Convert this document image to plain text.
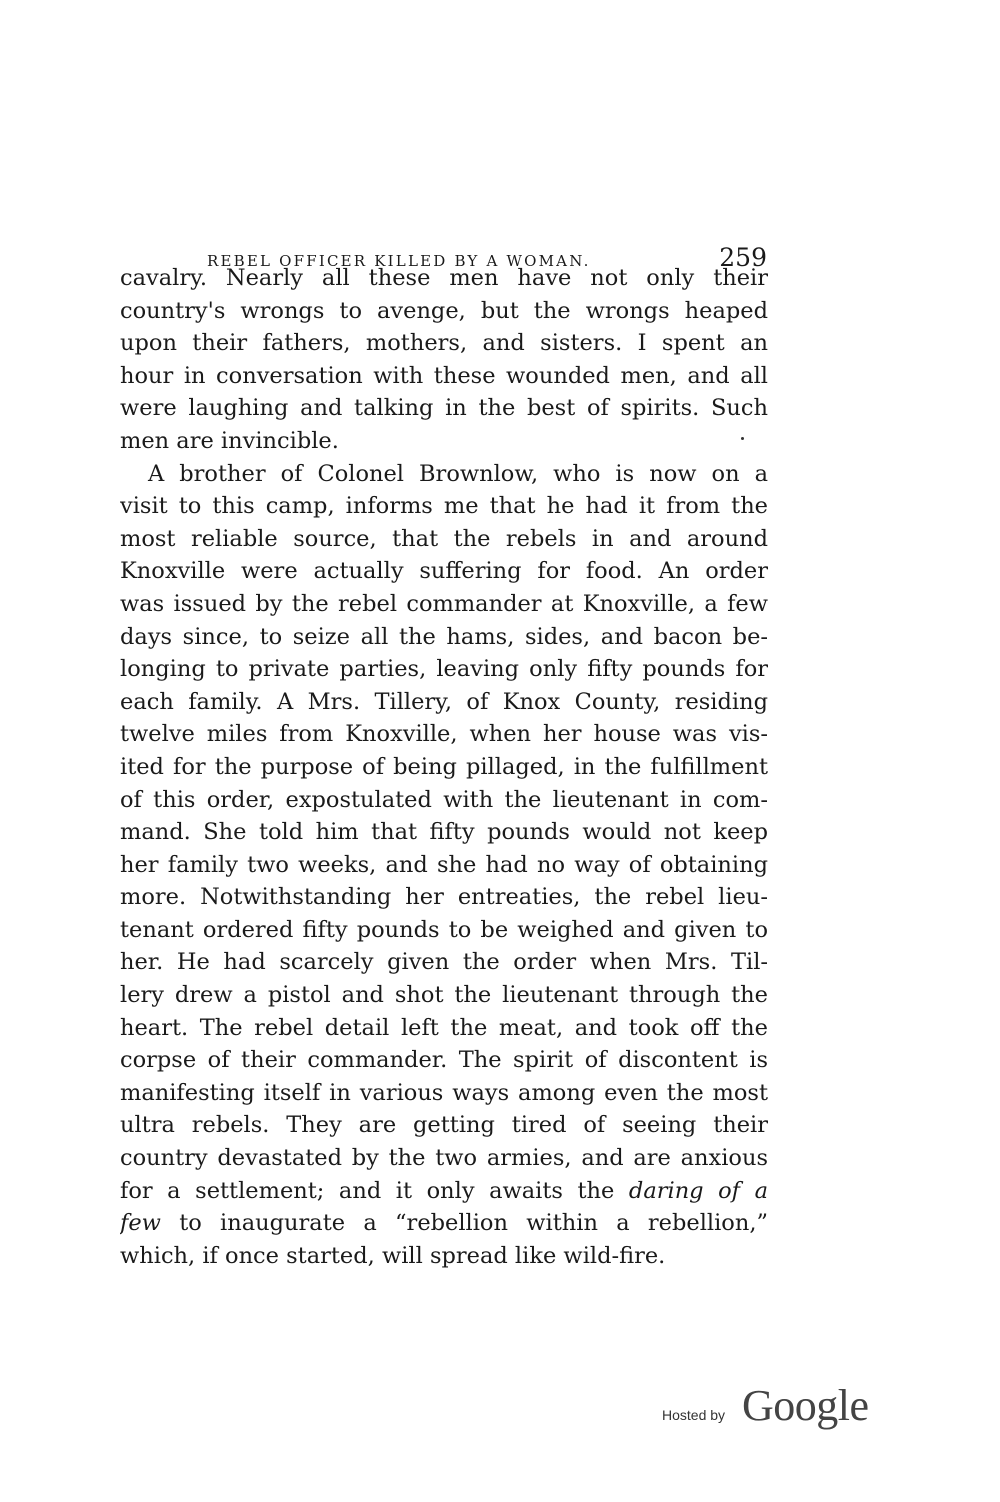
REBEL OFFICER KILLED BY A WOMAN.	259
cavalry. Nearly all these men have not only their
country's wrongs to avenge, but the wrongs heaped
upon their fathers, mothers, and sisters. I spent an
hour in conversation with these wounded men, and all
were laughing and talking in the best of spirits. Such
men are invincible.
A brother of Colonel Brownlow, who is now on a
visit to this camp, informs me that he had it from the
most reliable source, that the rebels in and around
Knoxville were actually suffering for food. An order
was issued by the rebel commander at Knoxville, a few
days since, to seize all the hams, sides, and bacon be-
longing to private parties, leaving only fifty pounds for
each family. A Mrs. Tillery, of Knox County, residing
twelve miles from Knoxville, when her house was vis-
ited for the purpose of being pillaged, in the fulfillment
of this order, expostulated with the lieutenant in com-
mand. She told him that fifty pounds would not keep
her family two weeks, and she had no way of obtaining
more. Notwithstanding her entreaties, the rebel lieu-
tenant ordered fifty pounds to be weighed and given to
her. He had scarcely given the order when Mrs. Til-
lery drew a pistol and shot the lieutenant through the
heart. The rebel detail left the meat, and took off the
corpse of their commander. The spirit of discontent is
manifesting itself in various ways among even the most
ultra rebels. They are getting tired of seeing their
country devastated by the two armies, and are anxious
for a settlement; and it only awaits the daring of a
few to inaugurate a “rebellion within a rebellion,”
which, if once started, will spread like wild-fire.
Hosted by Google
